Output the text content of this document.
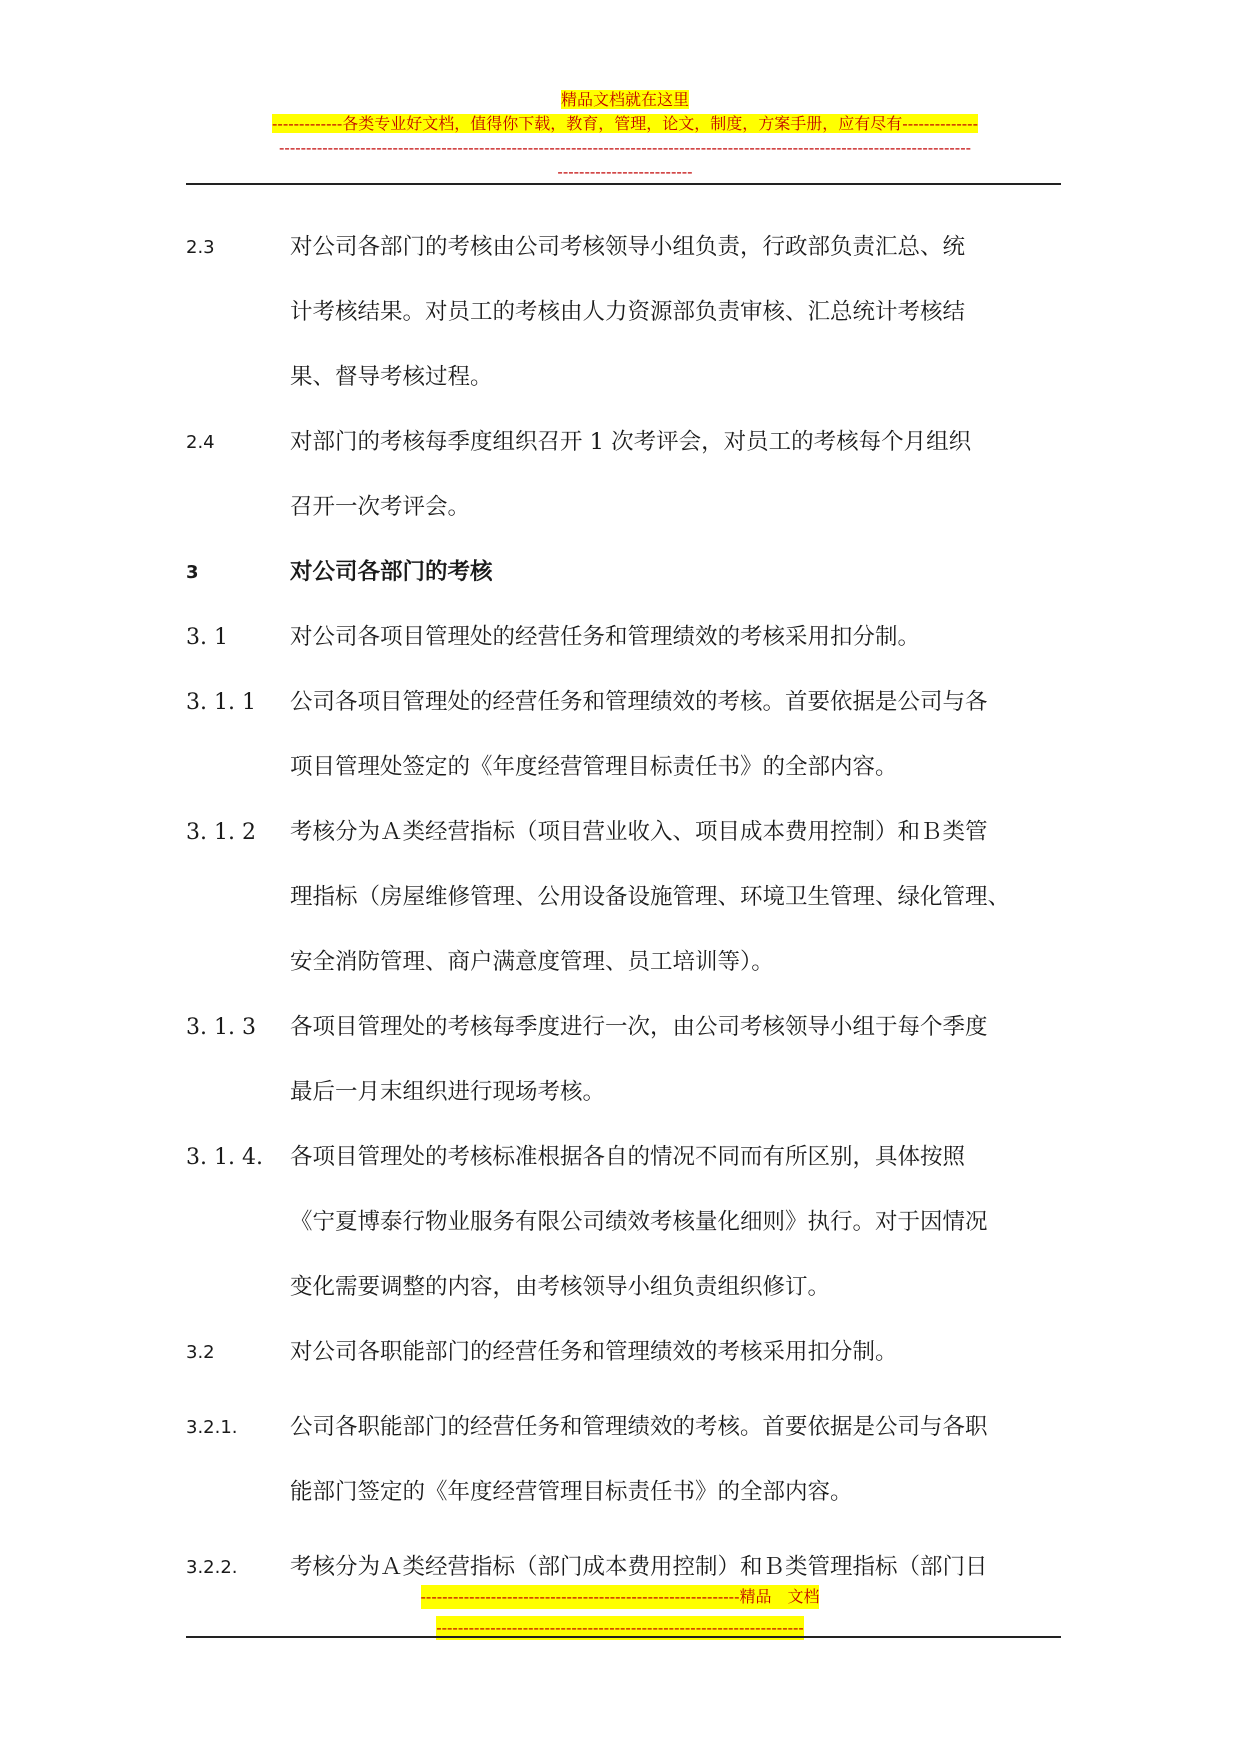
精品文档就在这里
-------------各类专业好文档，值得你下载，教育，管理，论文，制度，方案手册，应有尽有--------------
--------------------------------------------------------------------------------------------------------------------------------
-------------------------
2.3	对公司各部门的考核由公司考核领导小组负责，行政部负责汇总、统
计考核结果。对员工的考核由人力资源部负责审核、汇总统计考核结
果、督导考核过程。
2.4	对部门的考核每季度组织召开 1 次考评会，对员工的考核每个月组织
召开一次考评会。
3	对公司各部门的考核
3. 1	对公司各项目管理处的经营任务和管理绩效的考核采用扣分制。
3. 1. 1	公司各项目管理处的经营任务和管理绩效的考核。首要依据是公司与各
项目管理处签定的《年度经营管理目标责任书》的全部内容。
3. 1. 2	考核分为Ａ类经营指标（项目营业收入、项目成本费用控制）和Ｂ类管
理指标（房屋维修管理、公用设备设施管理、环境卫生管理、绿化管理、
安全消防管理、商户满意度管理、员工培训等）。
3. 1. 3	各项目管理处的考核每季度进行一次，由公司考核领导小组于每个季度
最后一月末组织进行现场考核。
3. 1. 4.	各项目管理处的考核标准根据各自的情况不同而有所区别，具体按照
《宁夏博泰行物业服务有限公司绩效考核量化细则》执行。对于因情况
变化需要调整的内容，由考核领导小组负责组织修订。
3.2	对公司各职能部门的经营任务和管理绩效的考核采用扣分制。
3.2.1.	公司各职能部门的经营任务和管理绩效的考核。首要依据是公司与各职
能部门签定的《年度经营管理目标责任书》的全部内容。
3.2.2.	考核分为Ａ类经营指标（部门成本费用控制）和Ｂ类管理指标（部门日
-----------------------------------------------------------精品　文档
--------------------------------------------------------------------
